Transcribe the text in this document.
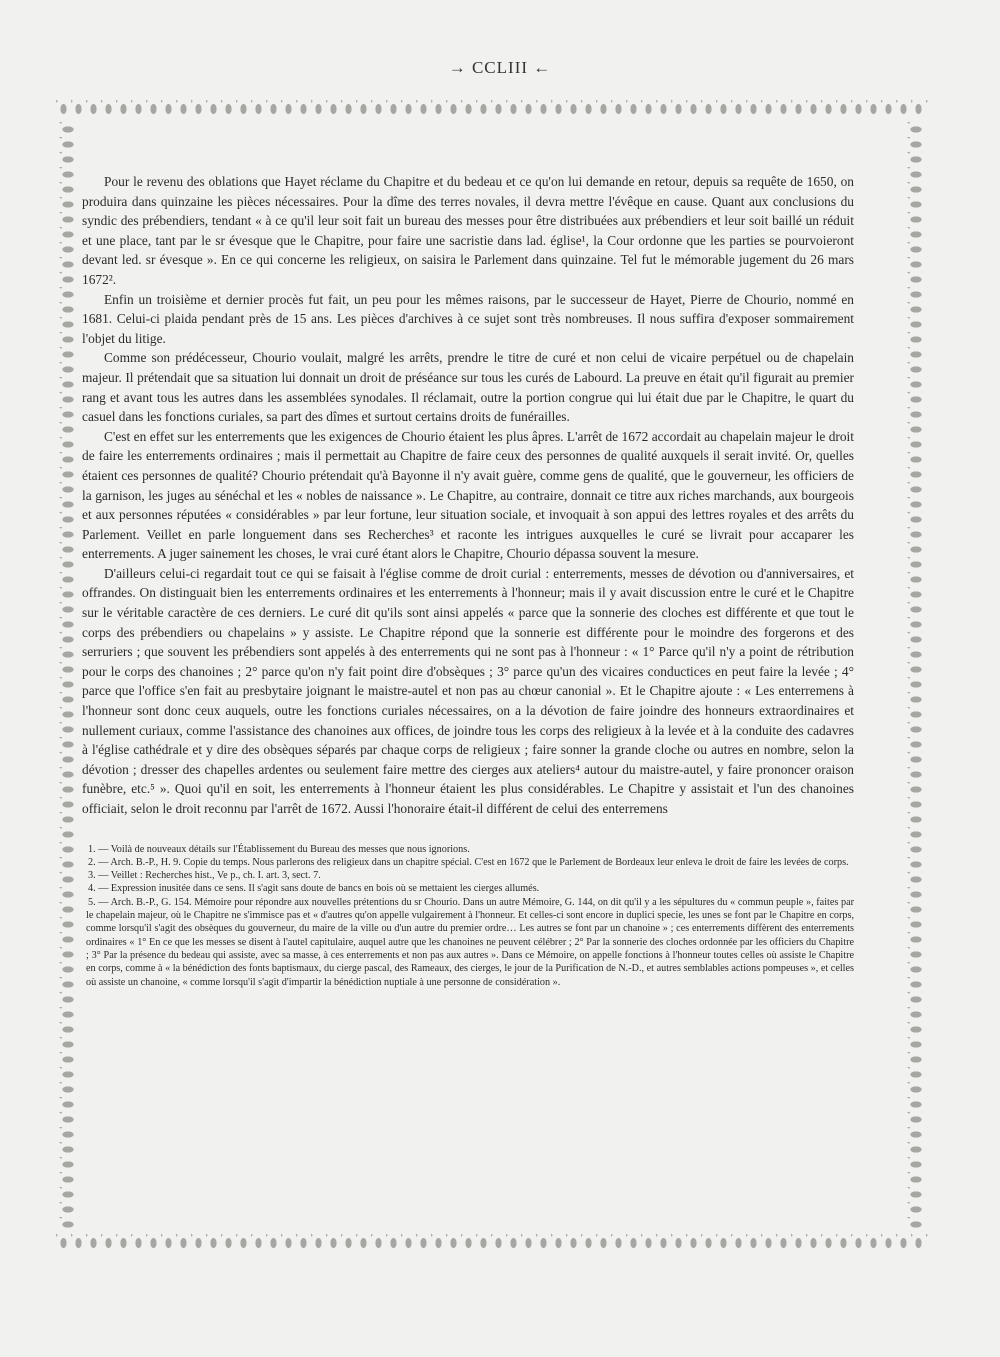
→ CCLIII ←

Pour le revenu des oblations que Hayet réclame du Chapitre et du bedeau et ce qu'on lui demande en retour, depuis sa requête de 1650, on produira dans quinzaine les pièces nécessaires. Pour la dîme des terres novales, il devra mettre l'évêque en cause. Quant aux conclusions du syndic des prébendiers, tendant « à ce qu'il leur soit fait un bureau des messes pour être distribuées aux prébendiers et leur soit baillé un réduit et une place, tant par le sr évesque que le Chapitre, pour faire une sacristie dans lad. église¹, la Cour ordonne que les parties se pourvoieront devant led. sr évesque ». En ce qui concerne les religieux, on saisira le Parlement dans quinzaine. Tel fut le mémorable jugement du 26 mars 1672².

Enfin un troisième et dernier procès fut fait, un peu pour les mêmes raisons, par le successeur de Hayet, Pierre de Chourio, nommé en 1681. Celui-ci plaida pendant près de 15 ans. Les pièces d'archives à ce sujet sont très nombreuses. Il nous suffira d'exposer sommairement l'objet du litige.

Comme son prédécesseur, Chourio voulait, malgré les arrêts, prendre le titre de curé et non celui de vicaire perpétuel ou de chapelain majeur. Il prétendait que sa situation lui donnait un droit de préséance sur tous les curés de Labourd. La preuve en était qu'il figurait au premier rang et avant tous les autres dans les assemblées synodales. Il réclamait, outre la portion congrue qui lui était due par le Chapitre, le quart du casuel dans les fonctions curiales, sa part des dîmes et surtout certains droits de funérailles.

C'est en effet sur les enterrements que les exigences de Chourio étaient les plus âpres. L'arrêt de 1672 accordait au chapelain majeur le droit de faire les enterrements ordinaires ; mais il permettait au Chapitre de faire ceux des personnes de qualité auxquels il serait invité. Or, quelles étaient ces personnes de qualité? Chourio prétendait qu'à Bayonne il n'y avait guère, comme gens de qualité, que le gouverneur, les officiers de la garnison, les juges au sénéchal et les « nobles de naissance ». Le Chapitre, au contraire, donnait ce titre aux riches marchands, aux bourgeois et aux personnes réputées « considérables » par leur fortune, leur situation sociale, et invoquait à son appui des lettres royales et des arrêts du Parlement. Veillet en parle longuement dans ses Recherches³ et raconte les intrigues auxquelles le curé se livrait pour accaparer les enterrements. A juger sainement les choses, le vrai curé étant alors le Chapitre, Chourio dépassa souvent la mesure.

D'ailleurs celui-ci regardait tout ce qui se faisait à l'église comme de droit curial : enterrements, messes de dévotion ou d'anniversaires, et offrandes. On distinguait bien les enterrements ordinaires et les enterrements à l'honneur; mais il y avait discussion entre le curé et le Chapitre sur le véritable caractère de ces derniers. Le curé dit qu'ils sont ainsi appelés « parce que la sonnerie des cloches est différente et que tout le corps des prébendiers ou chapelains » y assiste. Le Chapitre répond que la sonnerie est différente pour le moindre des forgerons et des serruriers ; que souvent les prébendiers sont appelés à des enterrements qui ne sont pas à l'honneur : « 1° Parce qu'il n'y a point de rétribution pour le corps des chanoines ; 2° parce qu'on n'y fait point dire d'obsèques ; 3° parce qu'un des vicaires conductices en peut faire la levée ; 4° parce que l'office s'en fait au presbytaire joignant le maistre-autel et non pas au chœur canonial ». Et le Chapitre ajoute : « Les enterremens à l'honneur sont donc ceux auquels, outre les fonctions curiales nécessaires, on a la dévotion de faire joindre des honneurs extraordinaires et nullement curiaux, comme l'assistance des chanoines aux offices, de joindre tous les corps des religieux à la levée et à la conduite des cadavres à l'église cathédrale et y dire des obsèques séparés par chaque corps de religieux ; faire sonner la grande cloche ou autres en nombre, selon la dévotion ; dresser des chapelles ardentes ou seulement faire mettre des cierges aux ateliers⁴ autour du maistre-autel, y faire prononcer oraison funèbre, etc.⁵ ». Quoi qu'il en soit, les enterrements à l'honneur étaient les plus considérables. Le Chapitre y assistait et l'un des chanoines officiait, selon le droit reconnu par l'arrêt de 1672. Aussi l'honoraire était-il différent de celui des enterremens

1. — Voilà de nouveaux détails sur l'Établissement du Bureau des messes que nous ignorions.

2. — Arch. B.-P., H. 9. Copie du temps. Nous parlerons des religieux dans un chapitre spécial. C'est en 1672 que le Parlement de Bordeaux leur enleva le droit de faire les levées de corps.

3. — Veillet : Recherches hist., Ve p., ch. I. art. 3, sect. 7.

4. — Expression inusitée dans ce sens. Il s'agit sans doute de bancs en bois où se mettaient les cierges allumés.

5. — Arch. B.-P., G. 154. Mémoire pour répondre aux nouvelles prétentions du sr Chourio. Dans un autre Mémoire, G. 144, on dit qu'il y a les sépultures du « commun peuple », faites par le chapelain majeur, où le Chapitre ne s'immisce pas et « d'autres qu'on appelle vulgairement à l'honneur. Et celles-ci sont encore in duplici specie, les unes se font par le Chapitre en corps, comme lorsqu'il s'agit des obsèques du gouverneur, du maire de la ville ou d'un autre du premier ordre… Les autres se font par un chanoine » ; ces enterrements diffèrent des enterrements ordinaires « 1° En ce que les messes se disent à l'autel capitulaire, auquel autre que les chanoines ne peuvent célébrer ; 2° Par la sonnerie des cloches ordonnée par les officiers du Chapitre ; 3° Par la présence du bedeau qui assiste, avec sa masse, à ces enterrements et non pas aux autres ». Dans ce Mémoire, on appelle fonctions à l'honneur toutes celles où assiste le Chapitre en corps, comme à « la bénédiction des fonts baptismaux, du cierge pascal, des Rameaux, des cierges, le jour de la Purification de N.-D., et autres semblables actions pompeuses », et celles où assiste un chanoine, « comme lorsqu'il s'agit d'impartir la bénédiction nuptiale à une personne de considération ».
